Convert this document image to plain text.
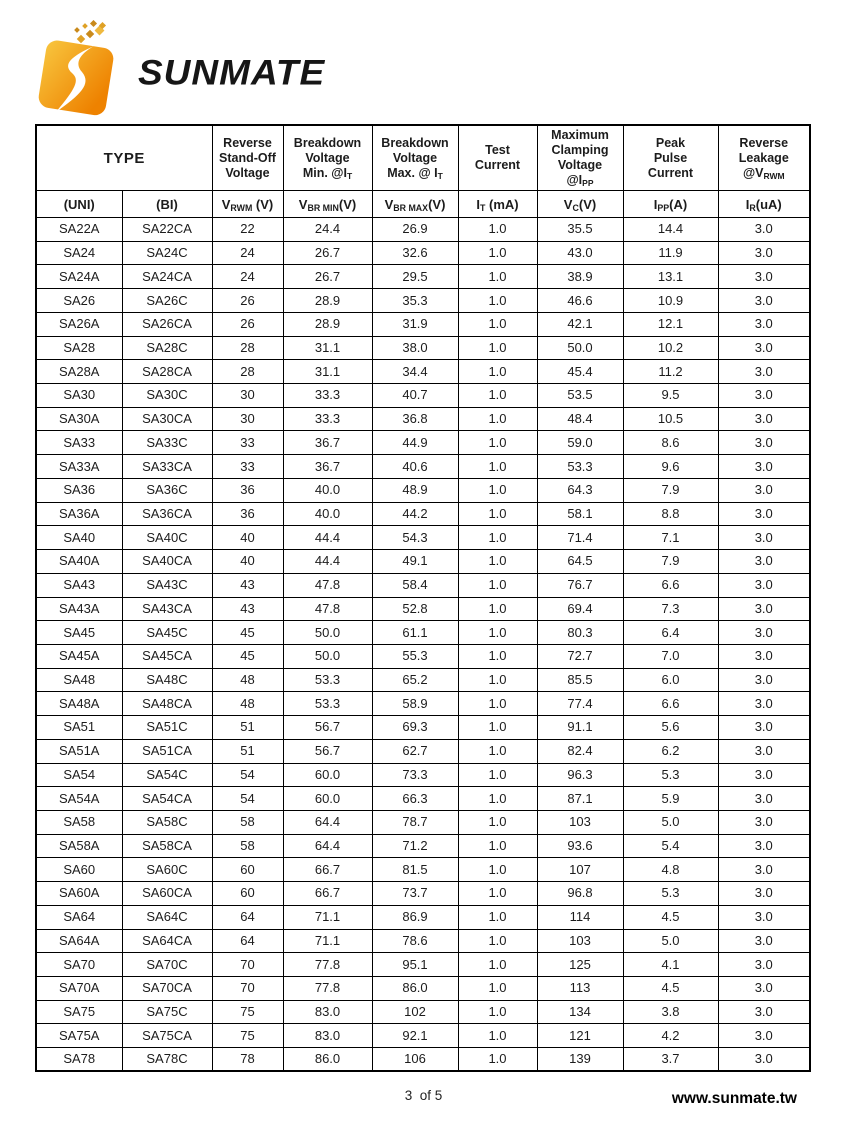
SUNMATE
TYPE	
Reverse
Stand-Off
Voltage

Breakdown
Voltage
Min. $@I_T$

Breakdown
Voltage
Max. @ $I_T$

Test
Current

Maximum
Clamping
Voltage
$@I_{PP}$

Peak
Pulse
Current

Reverse
Leakage
$@V_{RWM}$

(UNI)	(BI)	$V_{RWM}$ (V)	$V_{BR MIN}(V)$	$V_{BR MAX}(V)$	$I_T$ (mA)	$V_C(V)$	$I_{PP}(A)$	$I_R(uA)$
SA22A	SA22CA	22	24.4	26.9	1.0	35.5	14.4	3.0
SA24	SA24C	24	26.7	32.6	1.0	43.0	11.9	3.0
SA24A	SA24CA	24	26.7	29.5	1.0	38.9	13.1	3.0
SA26	SA26C	26	28.9	35.3	1.0	46.6	10.9	3.0
SA26A	SA26CA	26	28.9	31.9	1.0	42.1	12.1	3.0
SA28	SA28C	28	31.1	38.0	1.0	50.0	10.2	3.0
SA28A	SA28CA	28	31.1	34.4	1.0	45.4	11.2	3.0
SA30	SA30C	30	33.3	40.7	1.0	53.5	9.5	3.0
SA30A	SA30CA	30	33.3	36.8	1.0	48.4	10.5	3.0
SA33	SA33C	33	36.7	44.9	1.0	59.0	8.6	3.0
SA33A	SA33CA	33	36.7	40.6	1.0	53.3	9.6	3.0
SA36	SA36C	36	40.0	48.9	1.0	64.3	7.9	3.0
SA36A	SA36CA	36	40.0	44.2	1.0	58.1	8.8	3.0
SA40	SA40C	40	44.4	54.3	1.0	71.4	7.1	3.0
SA40A	SA40CA	40	44.4	49.1	1.0	64.5	7.9	3.0
SA43	SA43C	43	47.8	58.4	1.0	76.7	6.6	3.0
SA43A	SA43CA	43	47.8	52.8	1.0	69.4	7.3	3.0
SA45	SA45C	45	50.0	61.1	1.0	80.3	6.4	3.0
SA45A	SA45CA	45	50.0	55.3	1.0	72.7	7.0	3.0
SA48	SA48C	48	53.3	65.2	1.0	85.5	6.0	3.0
SA48A	SA48CA	48	53.3	58.9	1.0	77.4	6.6	3.0
SA51	SA51C	51	56.7	69.3	1.0	91.1	5.6	3.0
SA51A	SA51CA	51	56.7	62.7	1.0	82.4	6.2	3.0
SA54	SA54C	54	60.0	73.3	1.0	96.3	5.3	3.0
SA54A	SA54CA	54	60.0	66.3	1.0	87.1	5.9	3.0
SA58	SA58C	58	64.4	78.7	1.0	103	5.0	3.0
SA58A	SA58CA	58	64.4	71.2	1.0	93.6	5.4	3.0
SA60	SA60C	60	66.7	81.5	1.0	107	4.8	3.0
SA60A	SA60CA	60	66.7	73.7	1.0	96.8	5.3	3.0
SA64	SA64C	64	71.1	86.9	1.0	114	4.5	3.0
SA64A	SA64CA	64	71.1	78.6	1.0	103	5.0	3.0
SA70	SA70C	70	77.8	95.1	1.0	125	4.1	3.0
SA70A	SA70CA	70	77.8	86.0	1.0	113	4.5	3.0
SA75	SA75C	75	83.0	102	1.0	134	3.8	3.0
SA75A	SA75CA	75	83.0	92.1	1.0	121	4.2	3.0
SA78	SA78C	78	86.0	106	1.0	139	3.7	3.0
3  of 5	www.sunmate.tw
